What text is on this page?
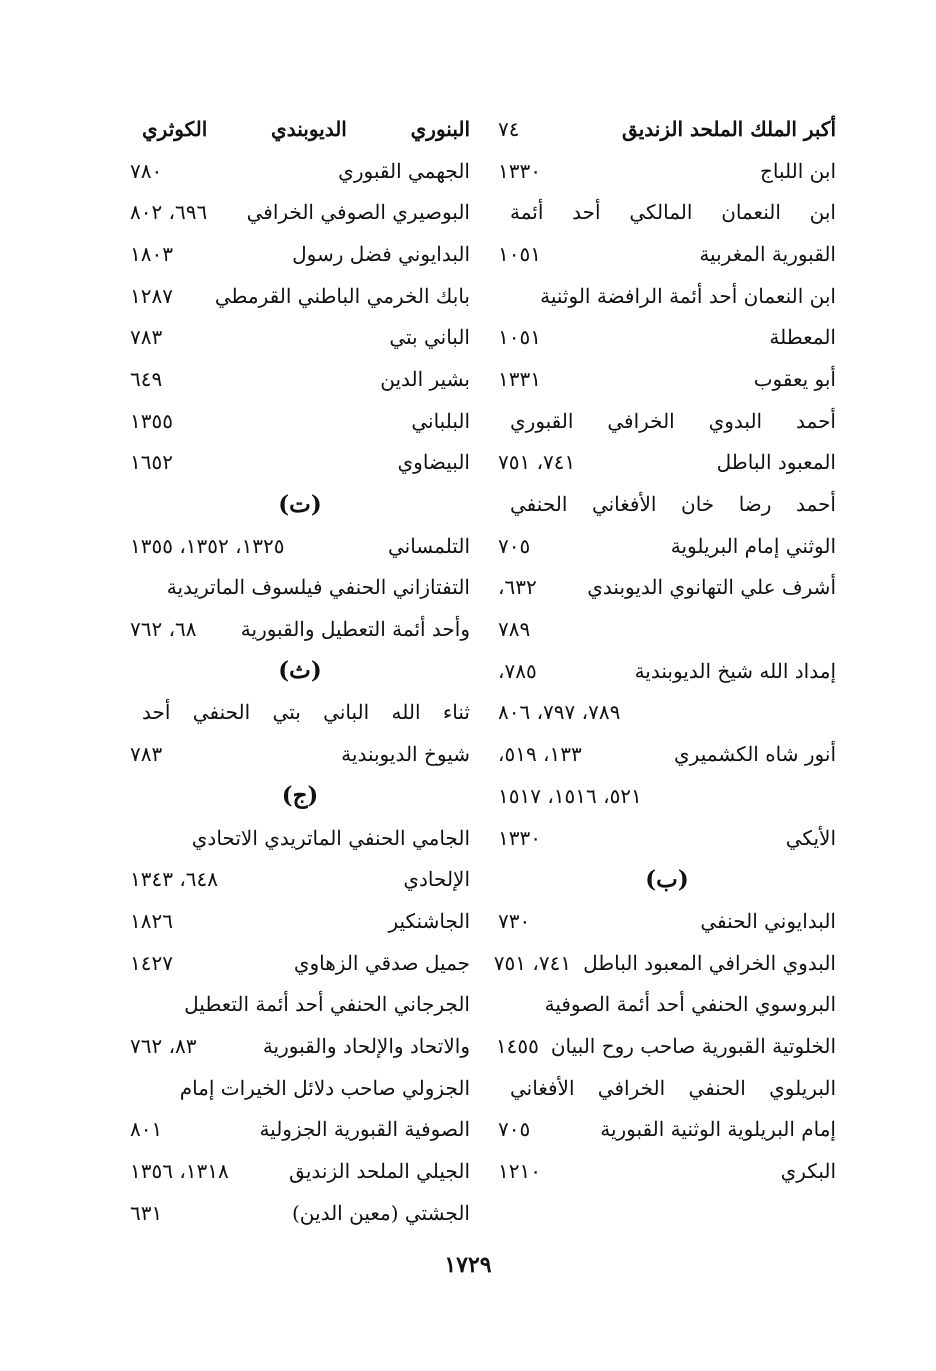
أكبر الملك الملحد الزنديق
٧٤
ابن اللباج
١٣٣٠
ابن النعمان المالكي أحد أئمة
القبورية المغربية
١٠٥١
ابن النعمان أحد أئمة الرافضة الوثنية
المعطلة
١٠٥١
أبو يعقوب
١٣٣١
أحمد البدوي الخرافي القبوري
المعبود الباطل
٧٤١، ٧٥١
أحمد رضا خان الأفغاني الحنفي
الوثني إمام البريلوية
٧٠٥
أشرف علي التهانوي الديوبندي
٦٣٢،
٧٨٩
إمداد الله شيخ الديوبندية
٧٨٥،
٧٨٩، ٧٩٧، ٨٠٦
أنور شاه الكشميري
١٣٣، ٥١٩،
٥٢١، ١٥١٦، ١٥١٧
الأيكي
١٣٣٠
(ب)
البدايوني الحنفي
٧٣٠
البدوي الخرافي المعبود الباطل
٧٤١، ٧٥١
البروسوي الحنفي أحد أئمة الصوفية
الخلوتية القبورية صاحب روح البيان
١٤٥٥
البريلوي الحنفي الخرافي الأفغاني
إمام البريلوية الوثنية القبورية
٧٠٥
البكري
١٢١٠
البنوري الديوبندي الكوثري
الجهمي القبوري
٧٨٠
البوصيري الصوفي الخرافي
٦٩٦، ٨٠٢
البدايوني فضل رسول
١٨٠٣
بابك الخرمي الباطني القرمطي
١٢٨٧
الباني بتي
٧٨٣
بشير الدين
٦٤٩
البلباني
١٣٥٥
البيضاوي
١٦٥٢
(ت)
التلمساني
١٣٢٥، ١٣٥٢، ١٣٥٥
التفتازاني الحنفي فيلسوف الماتريدية
وأحد أئمة التعطيل والقبورية
٦٨، ٧٦٢
(ث)
ثناء الله الباني بتي الحنفي أحد
شيوخ الديوبندية
٧٨٣
(ج)
الجامي الحنفي الماتريدي الاتحادي
الإلحادي
٦٤٨، ١٣٤٣
الجاشنكير
١٨٢٦
جميل صدقي الزهاوي
١٤٢٧
الجرجاني الحنفي أحد أئمة التعطيل
والاتحاد والإلحاد والقبورية
٨٣، ٧٦٢
الجزولي صاحب دلائل الخيرات إمام
الصوفية القبورية الجزولية
٨٠١
الجيلي الملحد الزنديق
١٣١٨، ١٣٥٦
الجشتي (معين الدين)
٦٣١
١٧٢٩
